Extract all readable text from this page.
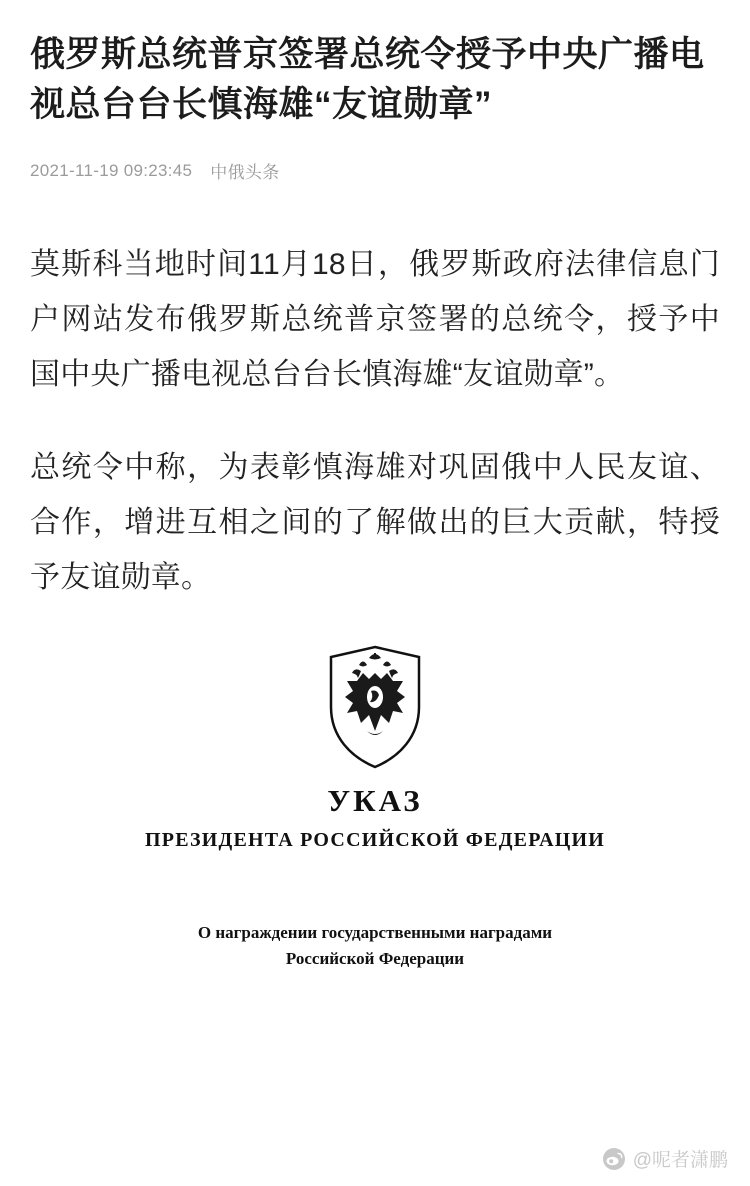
俄罗斯总统普京签署总统令授予中央广播电视总台台长慎海雄“友谊勋章”
2021-11-19 09:23:45 中俄头条

莫斯科当地时间11月18日，俄罗斯政府法律信息门户网站发布俄罗斯总统普京签署的总统令，授予中国中央广播电视总台台长慎海雄“友谊勋章”。

总统令中称，为表彰慎海雄对巩固俄中人民友谊、合作，增进互相之间的了解做出的巨大贡献，特授予友谊勋章。

УКАЗ
ПРЕЗИДЕНТА РОССИЙСКОЙ ФЕДЕРАЦИИ
О награждении государственными наградами
Российской Федерации
@呢者潇鹏
